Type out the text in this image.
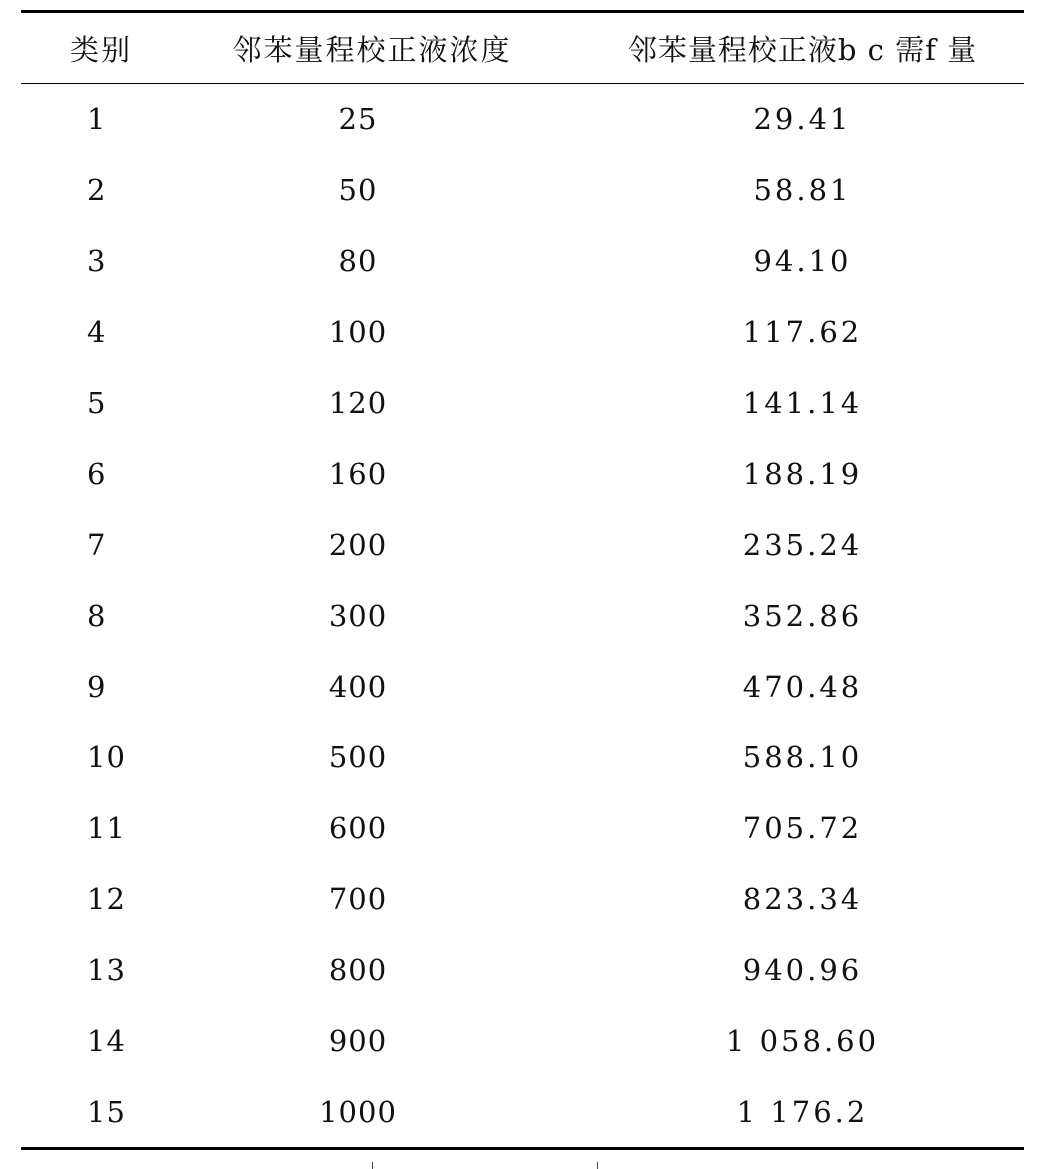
类别	邻苯量程校正液浓度	邻苯量程校正液b c 需f 量
1	25	29.41
2	50	58.81
3	80	94.10
4	100	117.62
5	120	141.14
6	160	188.19
7	200	235.24
8	300	352.86
9	400	470.48
10	500	588.10
11	600	705.72
12	700	823.34
13	800	940.96
14	900	1 058.60
15	1000	1 176.2
